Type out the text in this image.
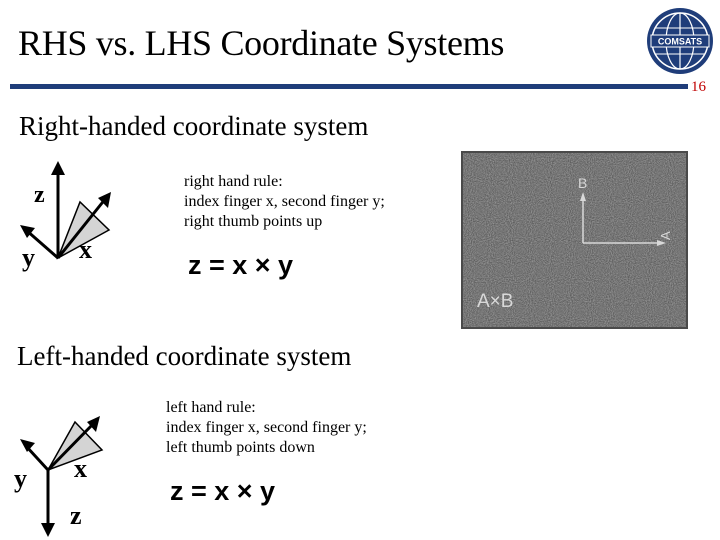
RHS vs. LHS Coordinate Systems	COMSATS
16
Right-handed coordinate system
z
y x
right hand rule:
index finger x, second finger y;
right thumb points up
z = x × y
B
A
A×B
Left-handed coordinate system
y x
z
left hand rule:
index finger x, second finger y;
left thumb points down
z = x × y
